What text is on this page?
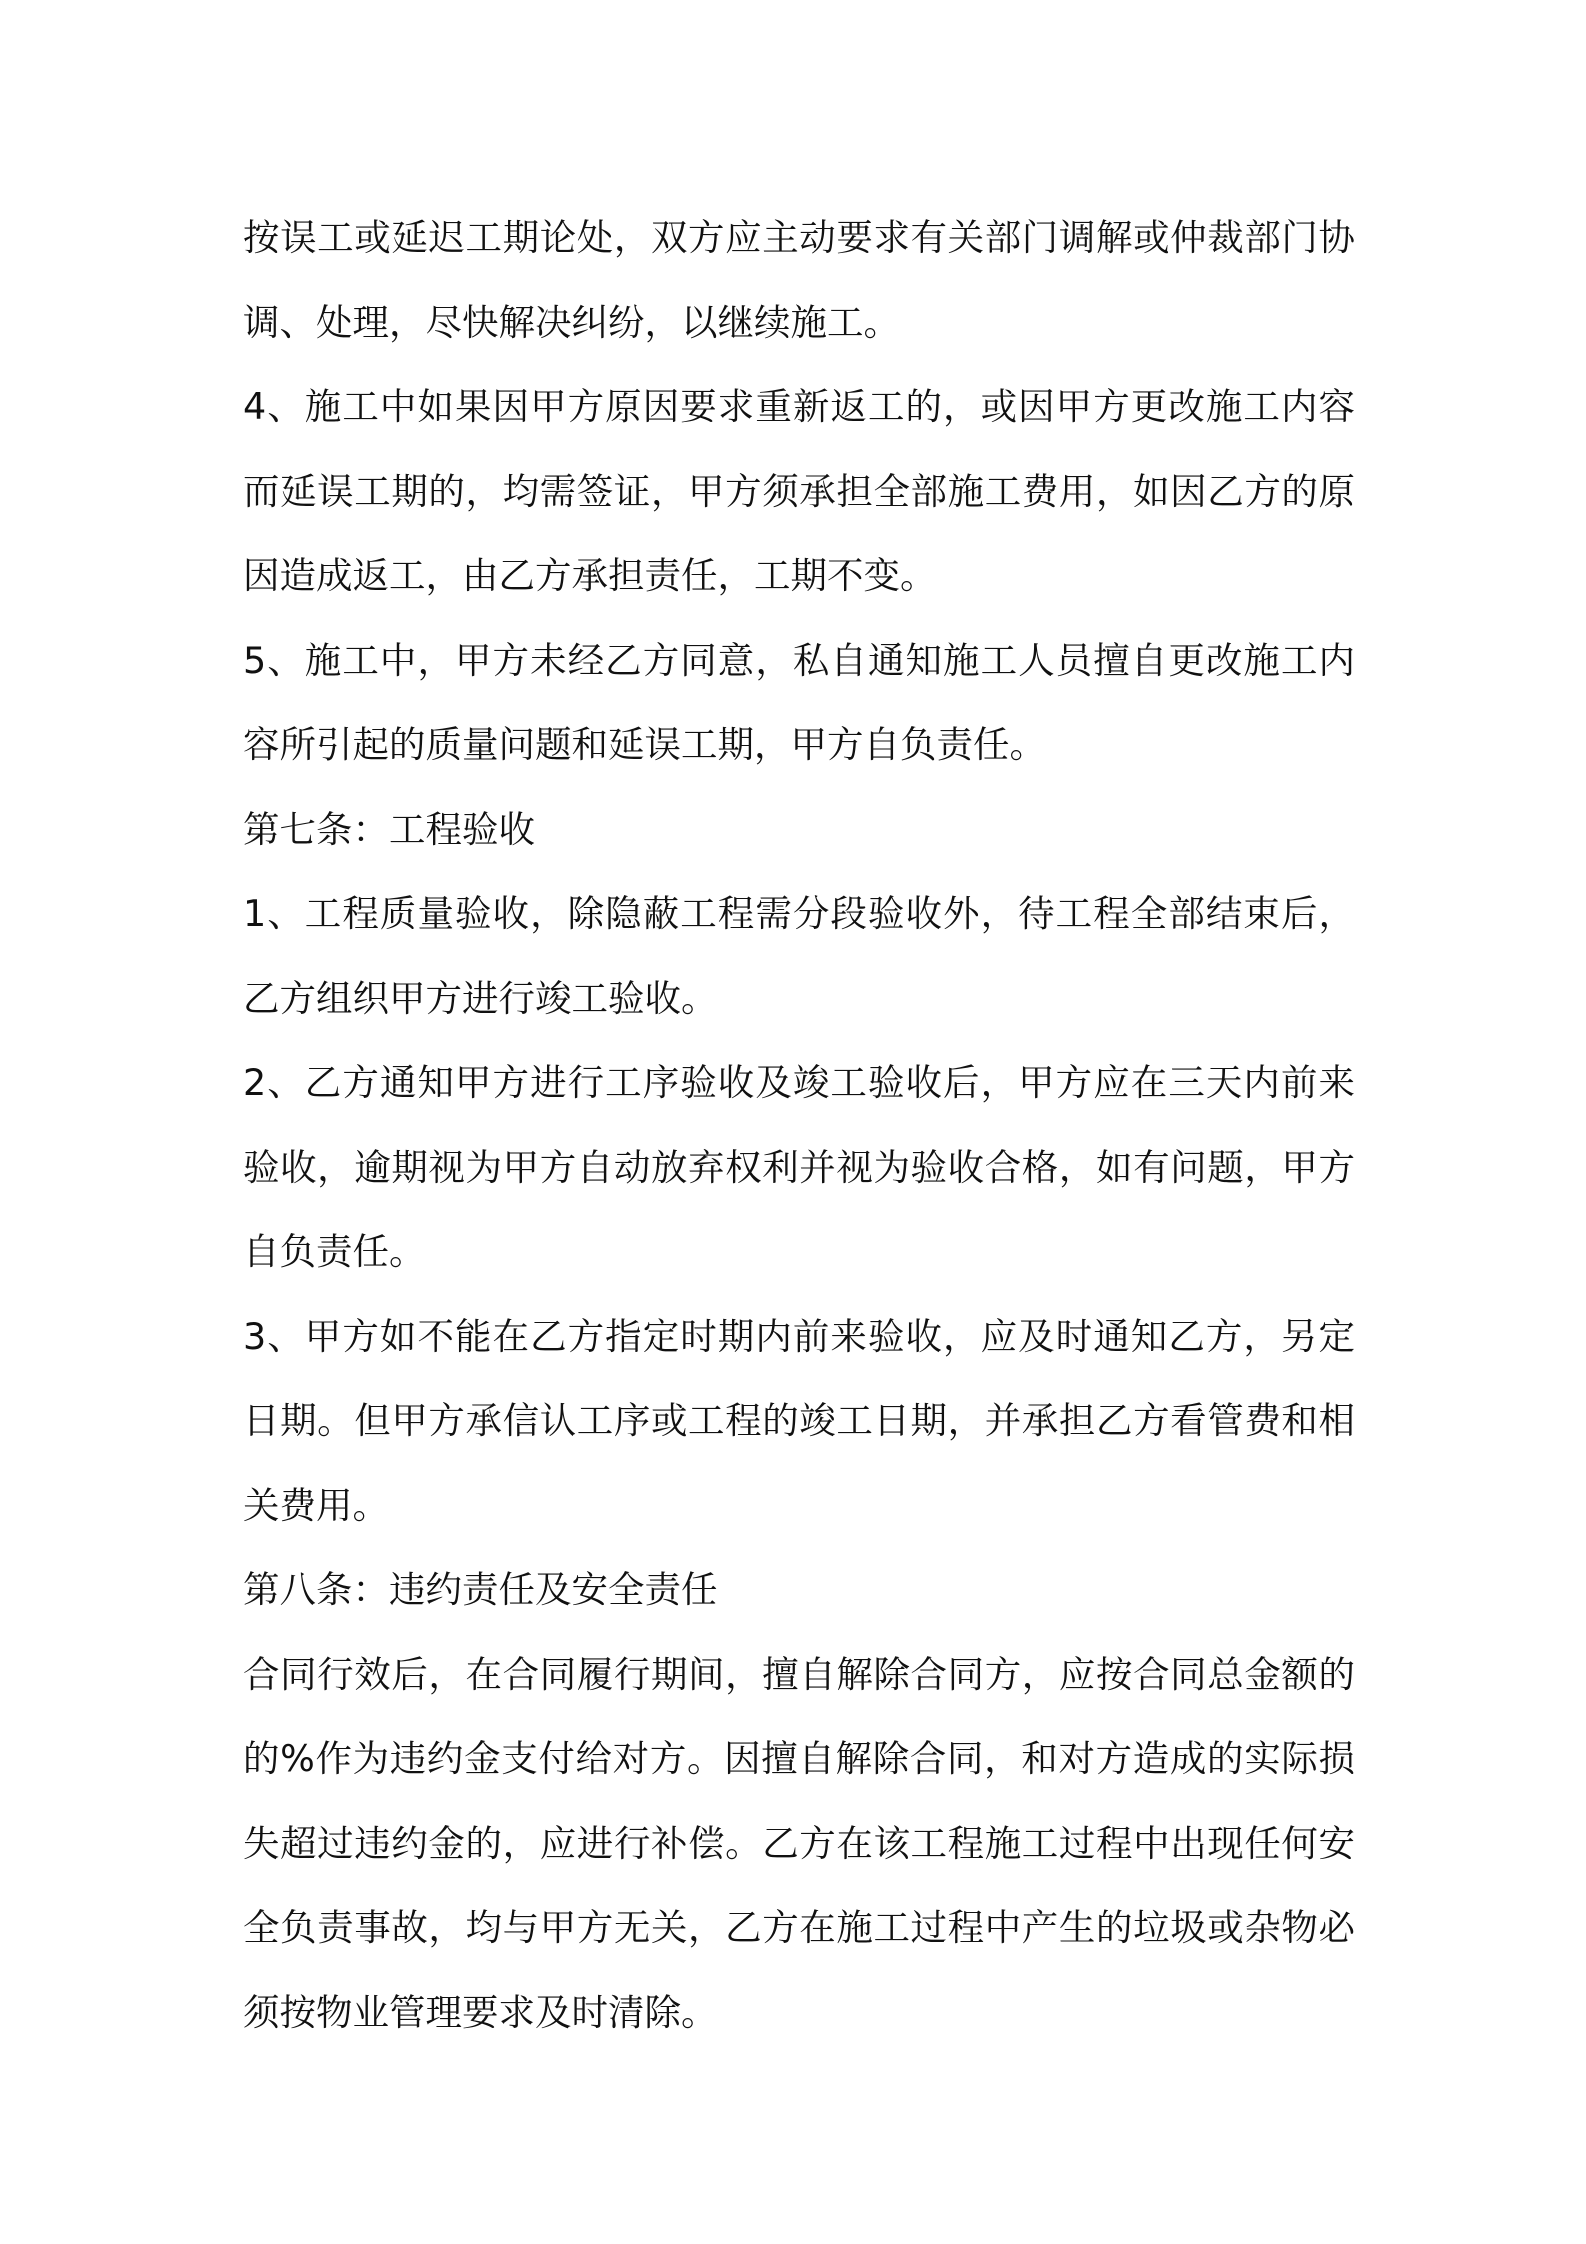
按误工或延迟工期论处，双方应主动要求有关部门调解或仲裁部门协调、处理，尽快解决纠纷，以继续施工。

4、施工中如果因甲方原因要求重新返工的，或因甲方更改施工内容而延误工期的，均需签证，甲方须承担全部施工费用，如因乙方的原因造成返工，由乙方承担责任，工期不变。

5、施工中，甲方未经乙方同意，私自通知施工人员擅自更改施工内容所引起的质量问题和延误工期，甲方自负责任。

第七条：工程验收

1、工程质量验收，除隐蔽工程需分段验收外，待工程全部结束后，乙方组织甲方进行竣工验收。

2、乙方通知甲方进行工序验收及竣工验收后，甲方应在三天内前来验收，逾期视为甲方自动放弃权利并视为验收合格，如有问题，甲方自负责任。

3、甲方如不能在乙方指定时期内前来验收，应及时通知乙方，另定日期。但甲方承信认工序或工程的竣工日期，并承担乙方看管费和相关费用。

第八条：违约责任及安全责任

合同行效后，在合同履行期间，擅自解除合同方，应按合同总金额的的%作为违约金支付给对方。因擅自解除合同，和对方造成的实际损失超过违约金的，应进行补偿。乙方在该工程施工过程中出现任何安全负责事故，均与甲方无关，乙方在施工过程中产生的垃圾或杂物必须按物业管理要求及时清除。
